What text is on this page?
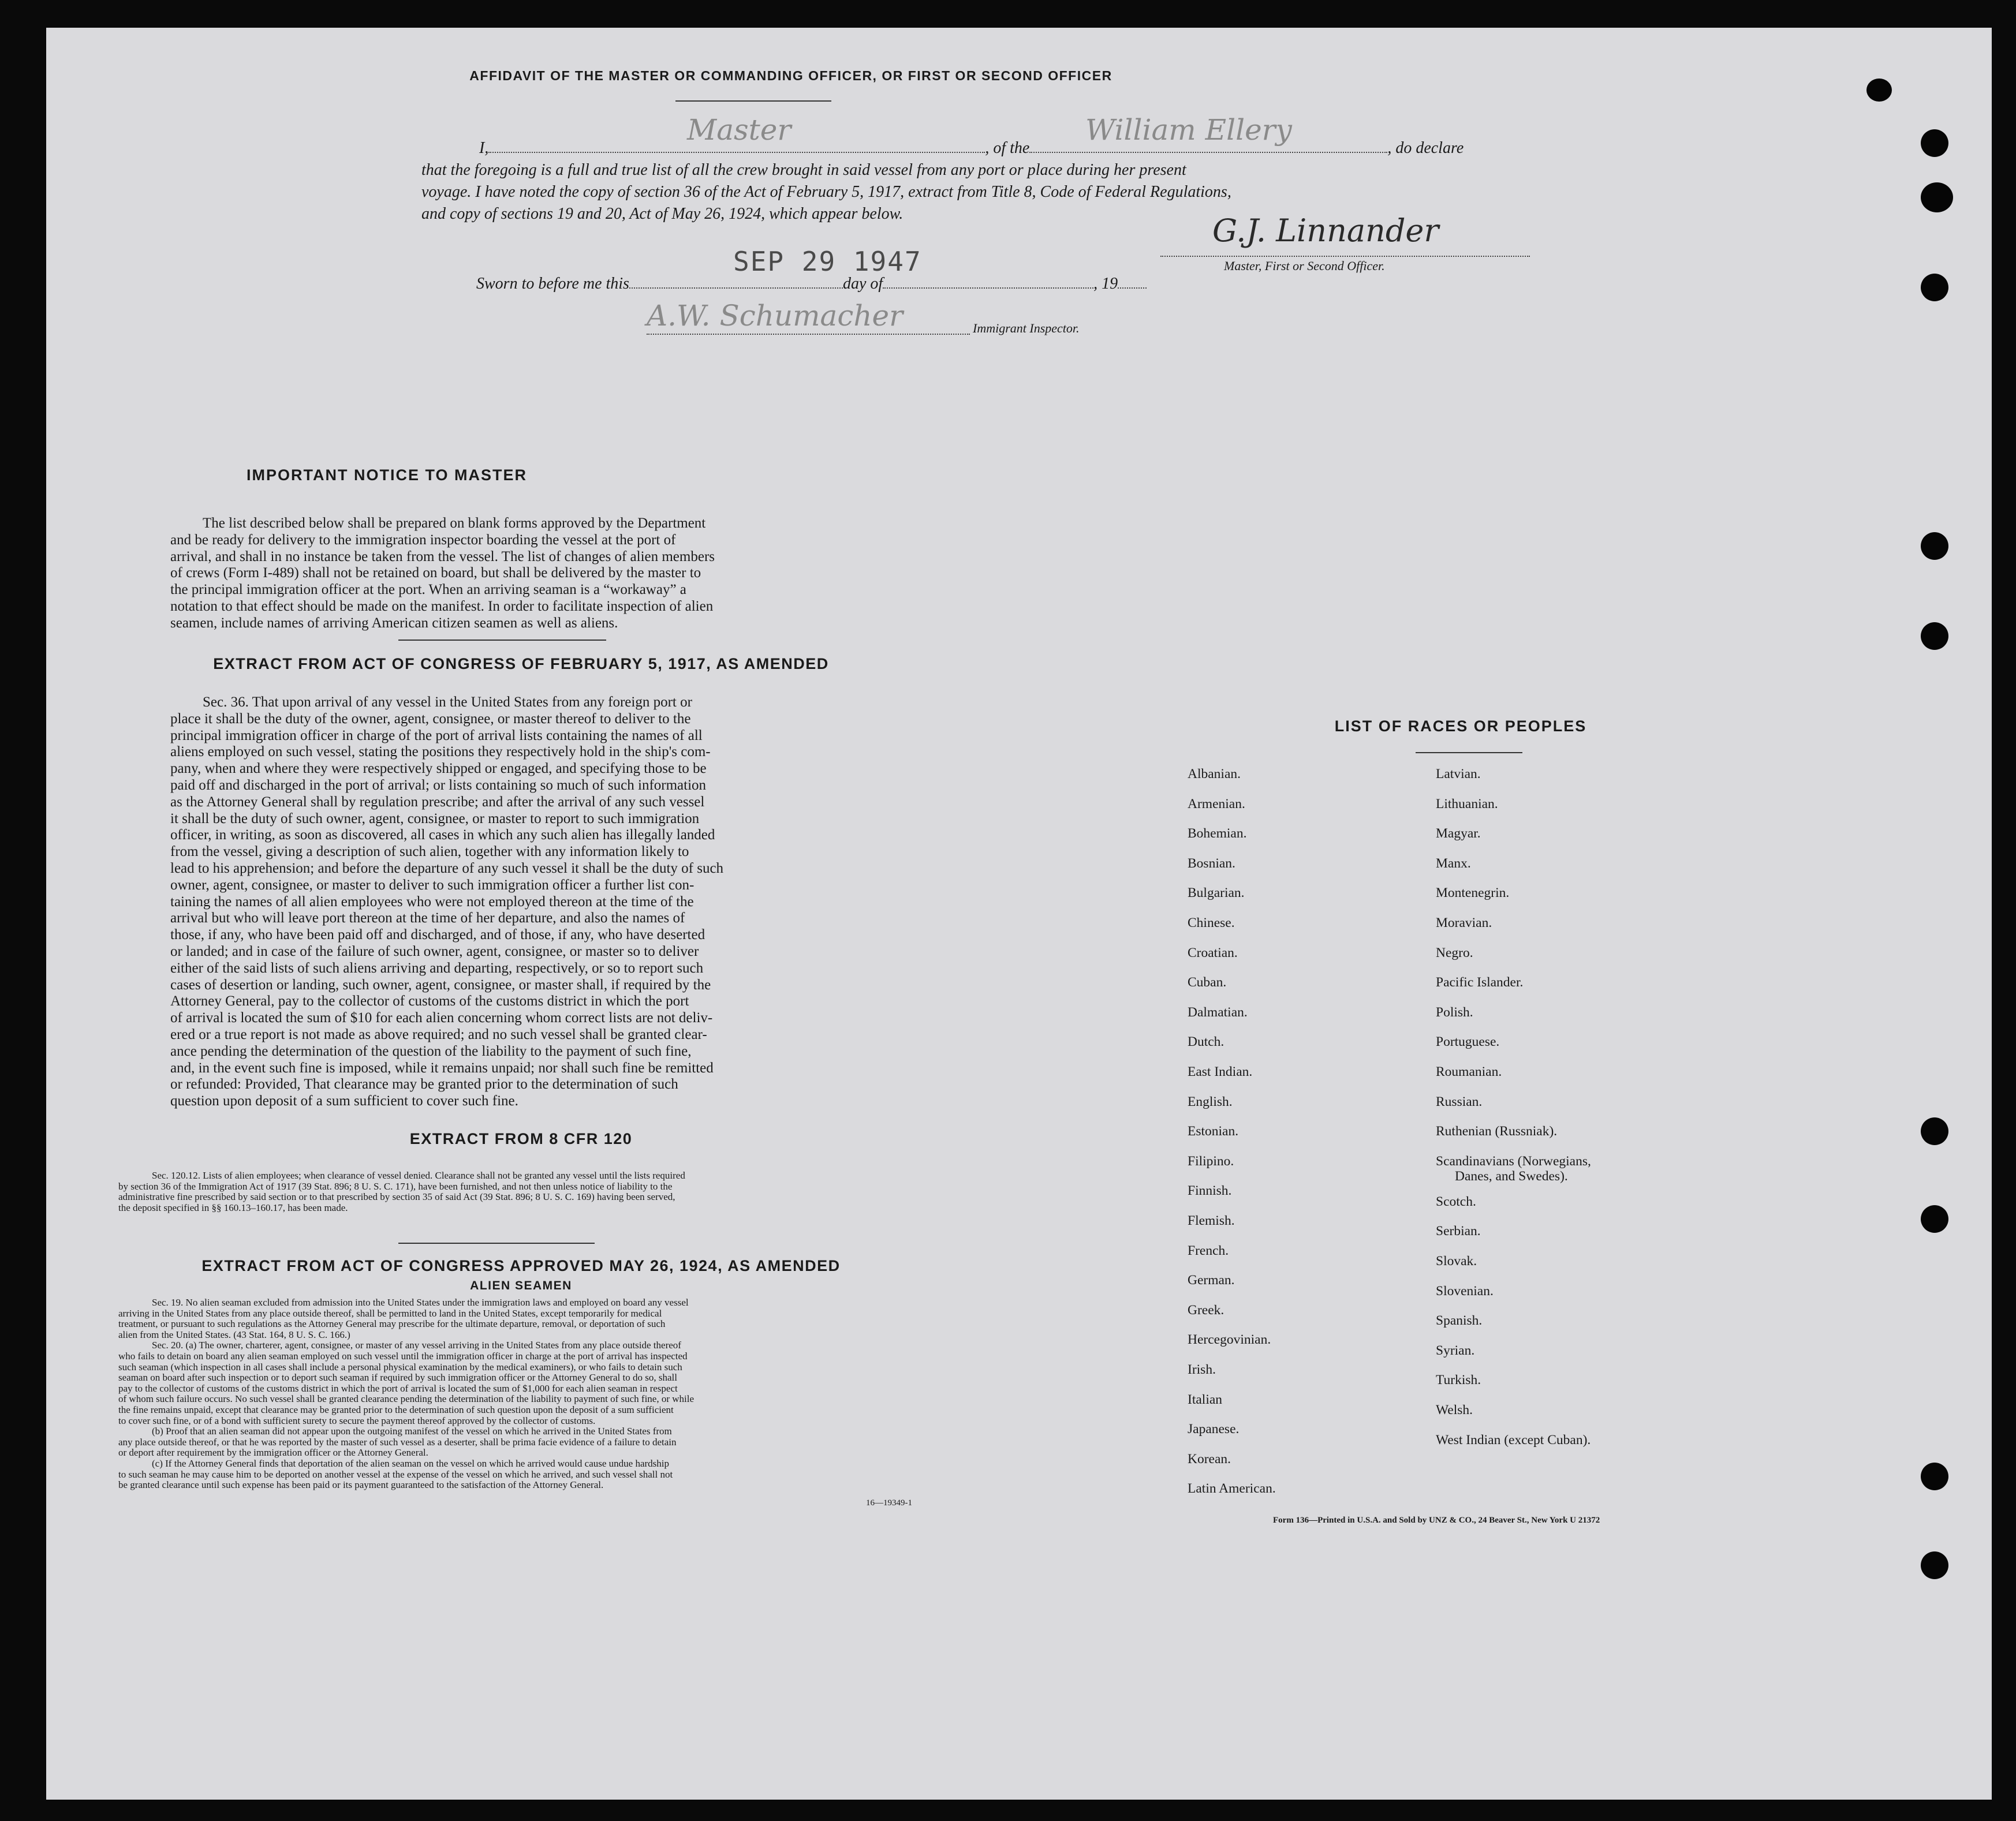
AFFIDAVIT OF THE MASTER OR COMMANDING OFFICER, OR FIRST OR SECOND OFFICER
I,	, of the	, do declare
Master	William Ellery
that the foregoing is a full and true list of all the crew brought in said vessel from any port or place during her present
voyage. I have noted the copy of section 36 of the Act of February 5, 1917, extract from Title 8, Code of Federal Regulations,
and copy of sections 19 and 20, Act of May 26, 1924, which appear below.	G.J. Linnander
Master, First or Second Officer.
Sworn to before me this	day of	, 19
SEP 29 1947
A.W. Schumacher	Immigrant Inspector.
IMPORTANT NOTICE TO MASTER
The list described below shall be prepared on blank forms approved by the Department
and be ready for delivery to the immigration inspector boarding the vessel at the port of
arrival, and shall in no instance be taken from the vessel. The list of changes of alien members
of crews (Form I-489) shall not be retained on board, but shall be delivered by the master to
the principal immigration officer at the port. When an arriving seaman is a “workaway” a
notation to that effect should be made on the manifest. In order to facilitate inspection of alien
seamen, include names of arriving American citizen seamen as well as aliens.
EXTRACT FROM ACT OF CONGRESS OF FEBRUARY 5, 1917, AS AMENDED
Sec. 36. That upon arrival of any vessel in the United States from any foreign port or
place it shall be the duty of the owner, agent, consignee, or master thereof to deliver to the
principal immigration officer in charge of the port of arrival lists containing the names of all
aliens employed on such vessel, stating the positions they respectively hold in the ship's com-
pany, when and where they were respectively shipped or engaged, and specifying those to be
paid off and discharged in the port of arrival; or lists containing so much of such information
as the Attorney General shall by regulation prescribe; and after the arrival of any such vessel
it shall be the duty of such owner, agent, consignee, or master to report to such immigration
officer, in writing, as soon as discovered, all cases in which any such alien has illegally landed
from the vessel, giving a description of such alien, together with any information likely to
lead to his apprehension; and before the departure of any such vessel it shall be the duty of such
owner, agent, consignee, or master to deliver to such immigration officer a further list con-
taining the names of all alien employees who were not employed thereon at the time of the
arrival but who will leave port thereon at the time of her departure, and also the names of
those, if any, who have been paid off and discharged, and of those, if any, who have deserted
or landed; and in case of the failure of such owner, agent, consignee, or master so to deliver
either of the said lists of such aliens arriving and departing, respectively, or so to report such
cases of desertion or landing, such owner, agent, consignee, or master shall, if required by the
Attorney General, pay to the collector of customs of the customs district in which the port
of arrival is located the sum of $10 for each alien concerning whom correct lists are not deliv-
ered or a true report is not made as above required; and no such vessel shall be granted clear-
ance pending the determination of the question of the liability to the payment of such fine,
and, in the event such fine is imposed, while it remains unpaid; nor shall such fine be remitted
or refunded: Provided, That clearance may be granted prior to the determination of such
question upon deposit of a sum sufficient to cover such fine.
EXTRACT FROM 8 CFR 120
Sec. 120.12. Lists of alien employees; when clearance of vessel denied. Clearance shall not be granted any vessel until the lists required
by section 36 of the Immigration Act of 1917 (39 Stat. 896; 8 U. S. C. 171), have been furnished, and not then unless notice of liability to the
administrative fine prescribed by said section or to that prescribed by section 35 of said Act (39 Stat. 896; 8 U. S. C. 169) having been served,
the deposit specified in §§ 160.13–160.17, has been made.
EXTRACT FROM ACT OF CONGRESS APPROVED MAY 26, 1924, AS AMENDED
ALIEN SEAMEN
Sec. 19. No alien seaman excluded from admission into the United States under the immigration laws and employed on board any vessel
arriving in the United States from any place outside thereof, shall be permitted to land in the United States, except temporarily for medical
treatment, or pursuant to such regulations as the Attorney General may prescribe for the ultimate departure, removal, or deportation of such
alien from the United States. (43 Stat. 164, 8 U. S. C. 166.)
Sec. 20. (a) The owner, charterer, agent, consignee, or master of any vessel arriving in the United States from any place outside thereof
who fails to detain on board any alien seaman employed on such vessel until the immigration officer in charge at the port of arrival has inspected
such seaman (which inspection in all cases shall include a personal physical examination by the medical examiners), or who fails to detain such
seaman on board after such inspection or to deport such seaman if required by such immigration officer or the Attorney General to do so, shall
pay to the collector of customs of the customs district in which the port of arrival is located the sum of $1,000 for each alien seaman in respect
of whom such failure occurs. No such vessel shall be granted clearance pending the determination of the liability to payment of such fine, or while
the fine remains unpaid, except that clearance may be granted prior to the determination of such question upon the deposit of a sum sufficient
to cover such fine, or of a bond with sufficient surety to secure the payment thereof approved by the collector of customs.
(b) Proof that an alien seaman did not appear upon the outgoing manifest of the vessel on which he arrived in the United States from
any place outside thereof, or that he was reported by the master of such vessel as a deserter, shall be prima facie evidence of a failure to detain
or deport after requirement by the immigration officer or the Attorney General.
(c) If the Attorney General finds that deportation of the alien seaman on the vessel on which he arrived would cause undue hardship
to such seaman he may cause him to be deported on another vessel at the expense of the vessel on which he arrived, and such vessel shall not
be granted clearance until such expense has been paid or its payment guaranteed to the satisfaction of the Attorney General.
16—19349-1
LIST OF RACES OR PEOPLES
Form 136—Printed in U.S.A. and Sold by UNZ & CO., 24 Beaver St., New York U 21372
Albanian.
Armenian.
Bohemian.
Bosnian.
Bulgarian.
Chinese.
Croatian.
Cuban.
Dalmatian.
Dutch.
East Indian.
English.
Estonian.
Filipino.
Finnish.
Flemish.
French.
German.
Greek.
Hercegovinian.
Irish.
Italian
Japanese.
Korean.
Latin American.
Latvian.
Lithuanian.
Magyar.
Manx.
Montenegrin.
Moravian.
Negro.
Pacific Islander.
Polish.
Portuguese.
Roumanian.
Russian.
Ruthenian (Russniak).
Scandinavians (Norwegians,
Danes, and Swedes).
Scotch.
Serbian.
Slovak.
Slovenian.
Spanish.
Syrian.
Turkish.
Welsh.
West Indian (except Cuban).
